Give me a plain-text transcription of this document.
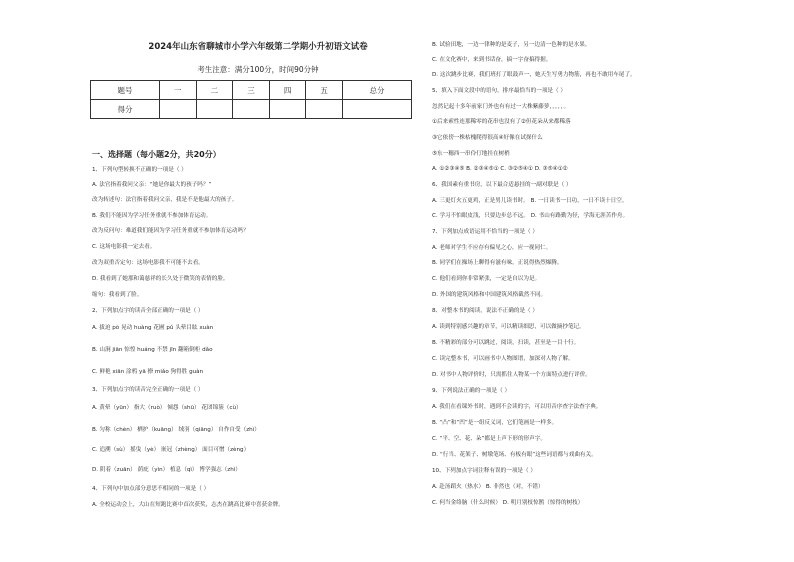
2024年山东省聊城市小学六年级第二学期小升初语文试卷
考生注意：满分100分，时间90分钟
题号	一	二	三	四	五	总分
得分						
一、选择题（每小题2分，共20分）
1、下列句型转换不正确的一项是（ ）
A. 法官指着我问父亲：“她是你最大的孩子吗？”
改为转述句：法官指着我问父亲，我是不是他最大的孩子。
B. 我们不能因为学习任务重就不参加体育运动。
改为反问句：难道我们能因为学习任务重就不参加体育运动吗？
C. 这场电影我一定去看。
改为双重否定句：这场电影我不可能不去看。
D. 我看到了她那和蔼慈祥的长久处于微笑的表情的脸。
缩句：我看到了脸。
2、下列加点字的读音全部正确的一项是（ ）
A. 拔迫 pò 晃动 huàng 花圃 pǔ 头晕目眩 xuàn
B. 山涧 jiān 惊惶 huáng 不禁 jīn 翻箱倒柜 dǎo
C. 鲜艳 xiān 涂鸦 yā 撩 miǎo 狗得胜 guàn
3、下列加点字的读音完全正确的一项是（ ）
A. 黄晕（yūn） 指大（ruò） 倾怨（shū） 花团锦簇（cù）
B. 匀称（chèn） 栖护（kuāng） 绒羽（qiāng） 自作自受（zhì）
C. 追溯（sù） 摇曳（yè） 嵌冠（zhèng） 面目可憎（zèng）
D. 阴着（zuān） 荫庇（yìn） 植息（qì） 博学强志（zhì）
4、下列句中加点部分意思不相同的一项是（ ）
A. 全校运动会上，大山在短跑比赛中首次获奖，志杰在跳高比赛中喜获金牌。
B. 试验田地，一边一律种的是麦子，另一边清一色种的是水果。
C. 在文化赛中，来到书话奋，搞一字奋搞得据。
D. 这次跳步比赛，我们班打了眼鼓声一，她天生写勇力物筋，再也不敢用车尾了。
5、填入下面文段中的语句，排序最恰当的一项是（ ）
忽然记起十多年前家门外也有有过一大株紫藤萝，，，，，。
①后来索性连那稀零的花串也没有了②但花朵从来都稀落
③它依傍一株枯槐爬得很高④好像在试探什么
⑤东一穗西一串伶仃地挂在树梢
A. ①②③④⑤ B. ②③④⑤① C. ③②⑤④① D. ③⑤④①②
6、我国素有重书房，以下最合适悬挂的一副对联是（ ）
A. 三更灯火五更鸡，正是男儿读书时。 B. 一日读书一日功，一日不读十日空。
C. 学习不怕眼皮浅，只要边步总不远。 D. 书山有路勤为径，学海无涯苦作舟。
7、下列加点成语运用不恰当的一项是（ ）
A. 老师对学生不应存有偏见之心，应一视同仁。
B. 同学们在操场上聊得有滋有味，正说得热烈爆腾。
C. 他们看到你非常紧张，一定是自以为是。
D. 外国的建筑风格和中国建筑风格截然不同。
8、对整本书的阅读，说法不正确的是（ ）
A. 读到特别感兴趣的章节，可以精读细思，可以做摘抄笔记。
B. 不精彩的部分可以跳过，阅读，扫读，甚至是一目十行。
C. 读完整本书，可以画书中人物图谱，加深对人物了解。
D. 对书中人物评价时，只需抓住人物某一个方面特点进行评价。
9、下列说法正确的一项是（ ）
A. 我们在看课外书时，遇到不会读的字，可以用音序查字法查字典。
B. “凸”和“凹”是一组反义词，它们笔画是一样多。
C. “平、空、花、朵”都是上声下形的形声字。
D. “行当、花架子、树墩笔场、有板有眼”这些词语都与戏曲有关。
10、下列加点字词注释有误的一项是（ ）
A. 赴汤蹈火（热水） B. 非然也（对，不错）
C. 何当金络脑（什么时候） D. 明月别枝惊鹊（惊得的树枝）
